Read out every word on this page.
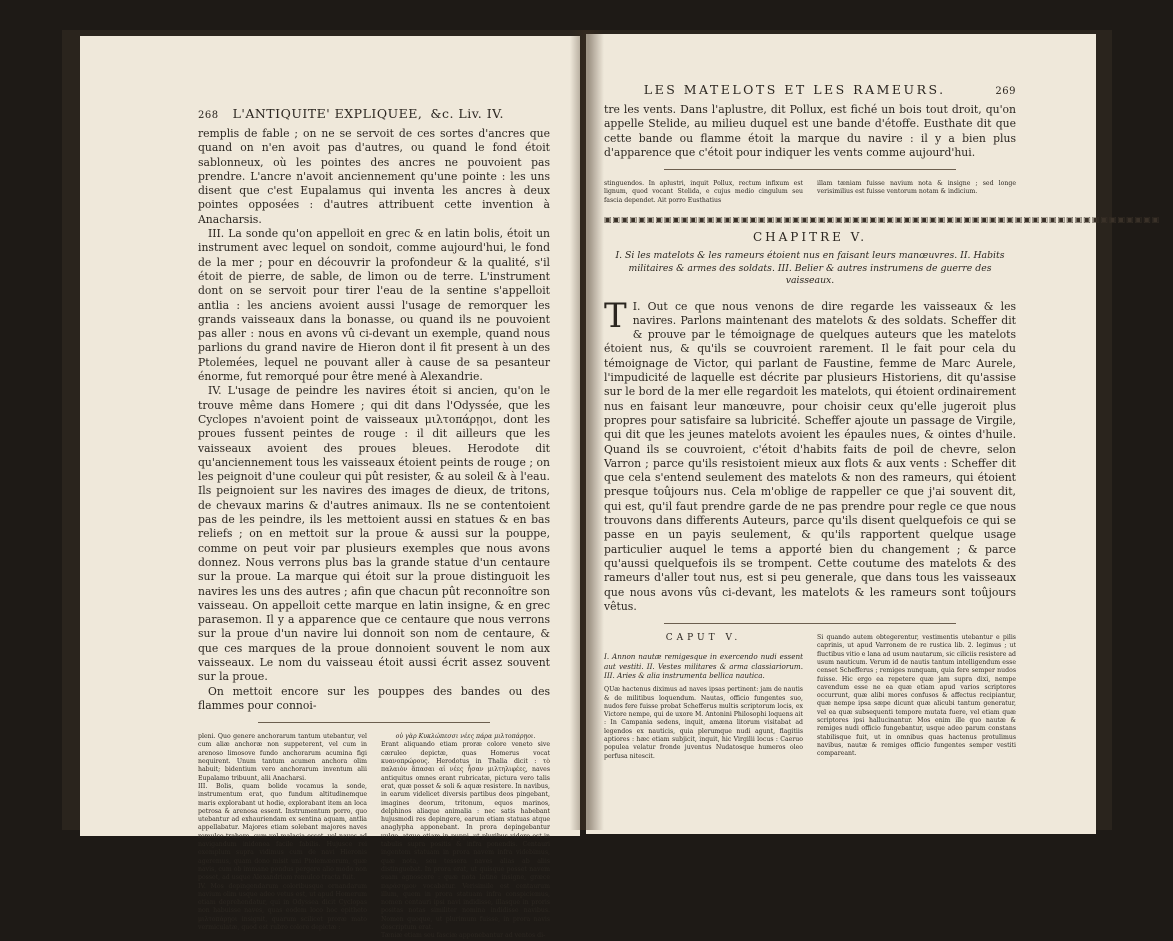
268 L'ANTIQUITE' EXPLIQUEE, &c. Liv. IV.

remplis de fable ; on ne se servoit de ces sortes d'ancres que quand on n'en avoit pas d'autres, ou quand le fond étoit sablonneux, où les pointes des ancres ne pouvoient pas prendre. L'ancre n'avoit anciennement qu'une pointe : les uns disent que c'est Eupalamus qui inventa les ancres à deux pointes opposées : d'autres attribuent cette invention à Anacharsis.

III. La sonde qu'on appelloit en grec & en latin bolis, étoit un instrument avec lequel on sondoit, comme aujourd'hui, le fond de la mer ; pour en découvrir la profondeur & la qualité, s'il étoit de pierre, de sable, de limon ou de terre. L'instrument dont on se servoit pour tirer l'eau de la sentine s'appelloit antlia : les anciens avoient aussi l'usage de remorquer les grands vaisseaux dans la bonasse, ou quand ils ne pouvoient pas aller : nous en avons vû ci-devant un exemple, quand nous parlions du grand navire de Hieron dont il fit present à un des Ptolemées, lequel ne pouvant aller à cause de sa pesanteur énorme, fut remorqué pour être mené à Alexandrie.

IV. L'usage de peindre les navires étoit si ancien, qu'on le trouve même dans Homere ; qui dit dans l'Odyssée, que les Cyclopes n'avoient point de vaisseaux μιλτοπάρῃοι, dont les proues fussent peintes de rouge : il dit ailleurs que les vaisseaux avoient des proues bleues. Herodote dit qu'anciennement tous les vaisseaux étoient peints de rouge ; on les peignoit d'une couleur qui pût resister, & au soleil & à l'eau. Ils peignoient sur les navires des images de dieux, de tritons, de chevaux marins & d'autres animaux. Ils ne se contentoient pas de les peindre, ils les mettoient aussi en statues & en bas reliefs ; on en mettoit sur la proue & aussi sur la pouppe, comme on peut voir par plusieurs exemples que nous avons donnez. Nous verrons plus bas la grande statue d'un centaure sur la proue. La marque qui étoit sur la proue distinguoit les navires les uns des autres ; afin que chacun pût reconnoître son vaisseau. On appelloit cette marque en latin insigne, & en grec parasemon. Il y a apparence que ce centaure que nous verrons sur la proue d'un navire lui donnoit son nom de centaure, & que ces marques de la proue donnoient souvent le nom aux vaisseaux. Le nom du vaisseau étoit aussi écrit assez souvent sur la proue.

On mettoit encore sur les pouppes des bandes ou des flammes pour connoi-

pleni. Quo genere anchorarum tantum utebantur, vel cum aliæ anchoræ non suppeterent, vel cum in arenoso limosove fundo anchorarum acumina figi nequirent. Unum tantum acumen anchora olim habuit; bidentium vero anchorarum inventum alii Eupalamo tribuunt, alii Anacharsi.

III. Bolis, quam bolide vocamus la sonde, instrumentum erat, quo fundum altitudinemque maris explorabant ut hodie, explorabant item an loca petrosa & arenosa essent. Instrumentum porro, quo utebantur ad exhauriendam ex sentina aquam, antlia appellabatur. Majores etiam solebant majores naves remulco trahere, cum vel malacia esset, vel naves ad navigandum inidonea facile fabilis. Hujusce rei exemplum supra vidimus cum de navi Hieronis ageremus, quam dono misit uni Ptolemæorum, quæ navis, cum ob immane pondus pergere alio modo non posset, ad usque Alexandriam remulco tracta fuit.

IV. Mos depingendarum coloribusque ornandarum navium olim usque adeo vetus est, ut apud Homerum etiam deprehendatur, qui in Odyssea dicit Cyclopas non habuisse naves, quas eodem loco hoc epitheto μιλτοπάρῃοι insignit, quarum scilicet proræ mato vermiculatæ, quod est rubro colore depictæ :

οὐ γὰρ Κυκλώπεσσι νέες πάρα μιλτοπάρῃοι.

Erant aliquando etiam proræ colore veneto sive cæruleo depictæ, quas Homerus vocat κυανοπρώρους. Herodotus in Thalia dicit : τὸ παλαιὸν ἅπασαι αἱ νέες ἦσαν μιλτηλιφέες, naves antiquitus omnes erant rubricatæ, pictura vero talis erat, quæ posset & soli & aquæ resistere. In navibus, in earum videlicet diversis partibus deos pingebant, imagines deorum, tritonum, equos marinos, delphinos aliaque animalia : nec satis habebant hujusmodi res depingere, earum etiam statuas atque anaglypha apponebant. In prora depingebantur vulgo, atque etiam in puppi, ut pluribus videre est in tabulis supra positis & infra ponendis. Centauri ingentem statuam in prora navem infra videbimus, quæ nota, seu tessera naves alias ab aliis distinguebat. In prora erat, ut quisque posset navem suam agnoscere : quæ nota latine insigne, græce παράσημον vocabatur. Verisimile est centaurum illum, quem in prora statuam infra conspiciemus, nomen centauri ipsi navi indidisse, illasque in proris positas notas similiter nomina indidisse navibus. Nomen quoque, ut plurimum fuisse, in prora navis descriptum erat.

Tæniæ etiam seu fasciæ apponebantur ad ventos di-

LES MATELOTS ET LES RAMEURS.	269

tre les vents. Dans l'aplustre, dit Pollux, est fiché un bois tout droit, qu'on appelle Stelide, au milieu duquel est une bande d'étoffe. Eusthate dit que cette bande ou flamme étoit la marque du navire : il y a bien plus d'apparence que c'étoit pour indiquer les vents comme aujourd'hui.

stinguendos. In aplustri, inquit Pollux, rectum infixum est lignum, quod vocant Stelida, e cujus medio cingulum seu fascia dependet. Ait porro Eusthatius

illam tæniam fuisse navium nota & insigne ; sed longe verisimilius est fuisse ventorum notam & indicium.

▣▣▣▣▣▣▣▣▣▣▣▣▣▣▣▣▣▣▣▣▣▣▣▣▣▣▣▣▣▣▣▣▣▣▣▣▣▣▣▣▣▣▣▣▣▣▣▣▣▣▣▣▣▣▣▣▣▣▣▣▣▣▣▣▣
CHAPITRE V.
I. Si les matelots & les rameurs étoient nus en faisant leurs manœuvres. II. Habits militaires & armes des soldats. III. Belier & autres instrumens de guerre des vaisseaux.

I.
T Out ce que nous venons de dire regarde les vaisseaux & les navires. Parlons maintenant des matelots & des soldats. Scheffer dit & prouve par le témoignage de quelques auteurs que les matelots étoient nus, & qu'ils se couvroient rarement. Il le fait pour cela du témoignage de Victor, qui parlant de Faustine, femme de Marc Aurele, l'impudicité de laquelle est décrite par plusieurs Historiens, dit qu'assise sur le bord de la mer elle regardoit les matelots, qui étoient ordinairement nus en faisant leur manœuvre, pour choisir ceux qu'elle jugeroit plus propres pour satisfaire sa lubricité. Scheffer ajoute un passage de Virgile, qui dit que les jeunes matelots avoient les épaules nues, & ointes d'huile. Quand ils se couvroient, c'étoit d'habits faits de poil de chevre, selon Varron ; parce qu'ils resistoient mieux aux flots & aux vents : Scheffer dit que cela s'entend seulement des matelots & non des rameurs, qui étoient presque toûjours nus. Cela m'oblige de rappeller ce que j'ai souvent dit, qui est, qu'il faut prendre garde de ne pas prendre pour regle ce que nous trouvons dans differents Auteurs, parce qu'ils disent quelquefois ce qui se passe en un payis seulement, & qu'ils rapportent quelque usage particulier auquel le tems a apporté bien du changement ; & parce qu'aussi quelquefois ils se trompent. Cette coutume des matelots & des rameurs d'aller tout nus, est si peu generale, que dans tous les vaisseaux que nous avons vûs ci-devant, les matelots & les rameurs sont toûjours vêtus.

CAPUT V.

I. Annon nautæ remigesque in exercendo nudi essent aut vestiti. II. Vestes militares & arma classiariorum. III. Aries & alia instrumenta bellica nautica.

QUæ hactenus diximus ad naves ipsas pertinent: jam de nautis & de militibus loquendum. Nautas, officio fungentes suo, nudos fere fuisse probat Schefferus multis scriptorum locis, ex Victore nempe, qui de uxore M. Antonini Philosophi loquens ait : In Campania sedens, inquit, amæna litorum visitabat ad legendos ex nauticis, quia plerumque nudi agunt, flagitiis aptiores : hæc etiam subjicit, inquit, hic Virgilii locus : Caeruo populea velatur fronde juventus Nudatosque humeros oleo perfusa nitescit.

Si quando autem obtegerentur, vestimentis utebantur e pilis caprinis, ut apud Varronem de re rustica lib. 2. legimus ; ut fluctibus vitio e lana ad usum nautarum, sic ciliciis resistere ad usum nauticum. Verum id de nautis tantum intelligendum esse censet Schefferus ; remiges nunquam, quia fere semper nudos fuisse. Hic ergo ea repetere quæ jam supra dixi, nempe cavendum esse ne ea quæ etiam apud varios scriptores occurrunt, quæ alibi mores confusos & affectus recipiantur, quæ nempe ipsa sæpe dicunt quæ alicubi tantum generatur, vel ea quæ subsequenti tempore mutata fuere, vel etiam quæ scriptores ipsi hallucinantur. Mos enim ille quo nautæ & remiges nudi officio fungebantur, usque adeo parum constans stabilisque fuit, ut in omnibus quas hactenus protulimus navibus, nautæ & remiges officio fungentes semper vestiti compareant.
